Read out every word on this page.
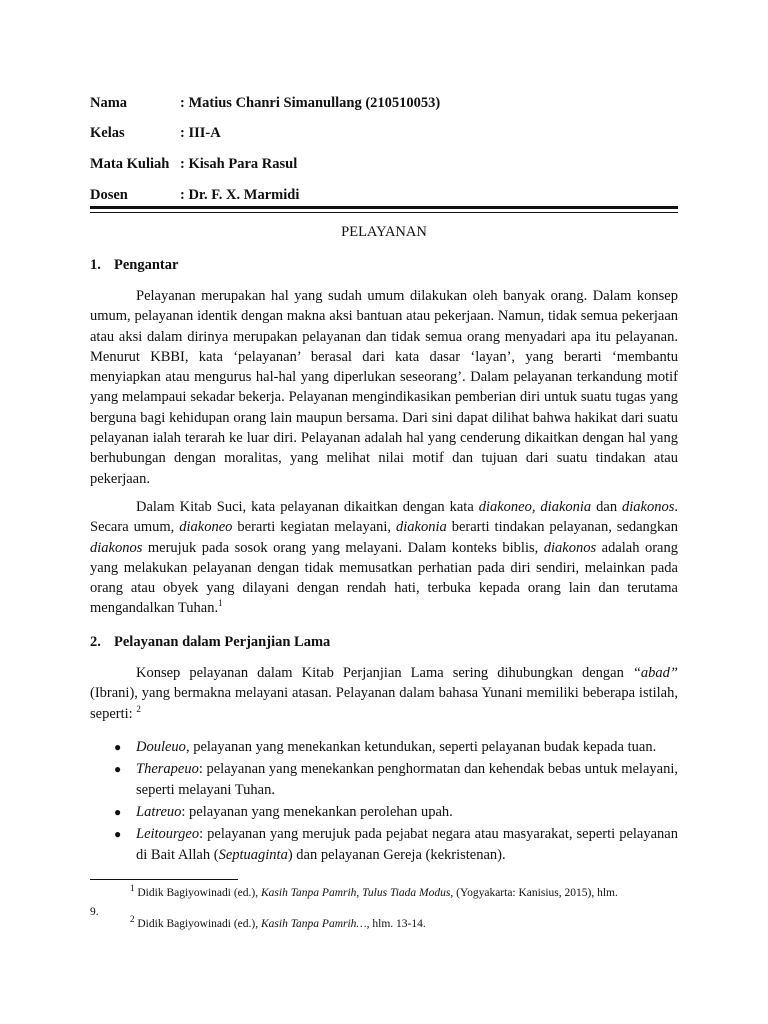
Nama	: Matius Chanri Simanullang (210510053)
Kelas	: III-A
Mata Kuliah : Kisah Para Rasul
Dosen	: Dr. F. X. Marmidi
PELAYANAN
1. Pengantar

Pelayanan merupakan hal yang sudah umum dilakukan oleh banyak orang. Dalam konsep umum, pelayanan identik dengan makna aksi bantuan atau pekerjaan. Namun, tidak semua pekerjaan atau aksi dalam dirinya merupakan pelayanan dan tidak semua orang menyadari apa itu pelayanan. Menurut KBBI, kata ‘pelayanan’ berasal dari kata dasar ‘layan’, yang berarti ‘membantu menyiapkan atau mengurus hal-hal yang diperlukan seseorang’. Dalam pelayanan terkandung motif yang melampaui sekadar bekerja. Pelayanan mengindikasikan pemberian diri untuk suatu tugas yang berguna bagi kehidupan orang lain maupun bersama. Dari sini dapat dilihat bahwa hakikat dari suatu pelayanan ialah terarah ke luar diri. Pelayanan adalah hal yang cenderung dikaitkan dengan hal yang berhubungan dengan moralitas, yang melihat nilai motif dan tujuan dari suatu tindakan atau pekerjaan.

Dalam Kitab Suci, kata pelayanan dikaitkan dengan kata diakoneo, diakonia dan diakonos. Secara umum, diakoneo berarti kegiatan melayani, diakonia berarti tindakan pelayanan, sedangkan diakonos merujuk pada sosok orang yang melayani. Dalam konteks biblis, diakonos adalah orang yang melakukan pelayanan dengan tidak memusatkan perhatian pada diri sendiri, melainkan pada orang atau obyek yang dilayani dengan rendah hati, terbuka kepada orang lain dan terutama mengandalkan Tuhan.$^1$

2. Pelayanan dalam Perjanjian Lama

Konsep pelayanan dalam Kitab Perjanjian Lama sering dihubungkan dengan “abad” (Ibrani), yang bermakna melayani atasan. Pelayanan dalam bahasa Yunani memiliki beberapa istilah, seperti: $^2$

● Douleuo, pelayanan yang menekankan ketundukan, seperti pelayanan budak kepada tuan.
● Therapeuo: pelayanan yang menekankan penghormatan dan kehendak bebas untuk melayani, seperti melayani Tuhan.
● Latreuo: pelayanan yang menekankan perolehan upah.
● Leitourgeo: pelayanan yang merujuk pada pejabat negara atau masyarakat, seperti pelayanan di Bait Allah (Septuaginta) dan pelayanan Gereja (kekristenan).
$^1$ Didik Bagiyowinadi (ed.), Kasih Tanpa Pamrih, Tulus Tiada Modus, (Yogyakarta: Kanisius, 2015), hlm.
9.
$^2$ Didik Bagiyowinadi (ed.), Kasih Tanpa Pamrih…, hlm. 13-14.
